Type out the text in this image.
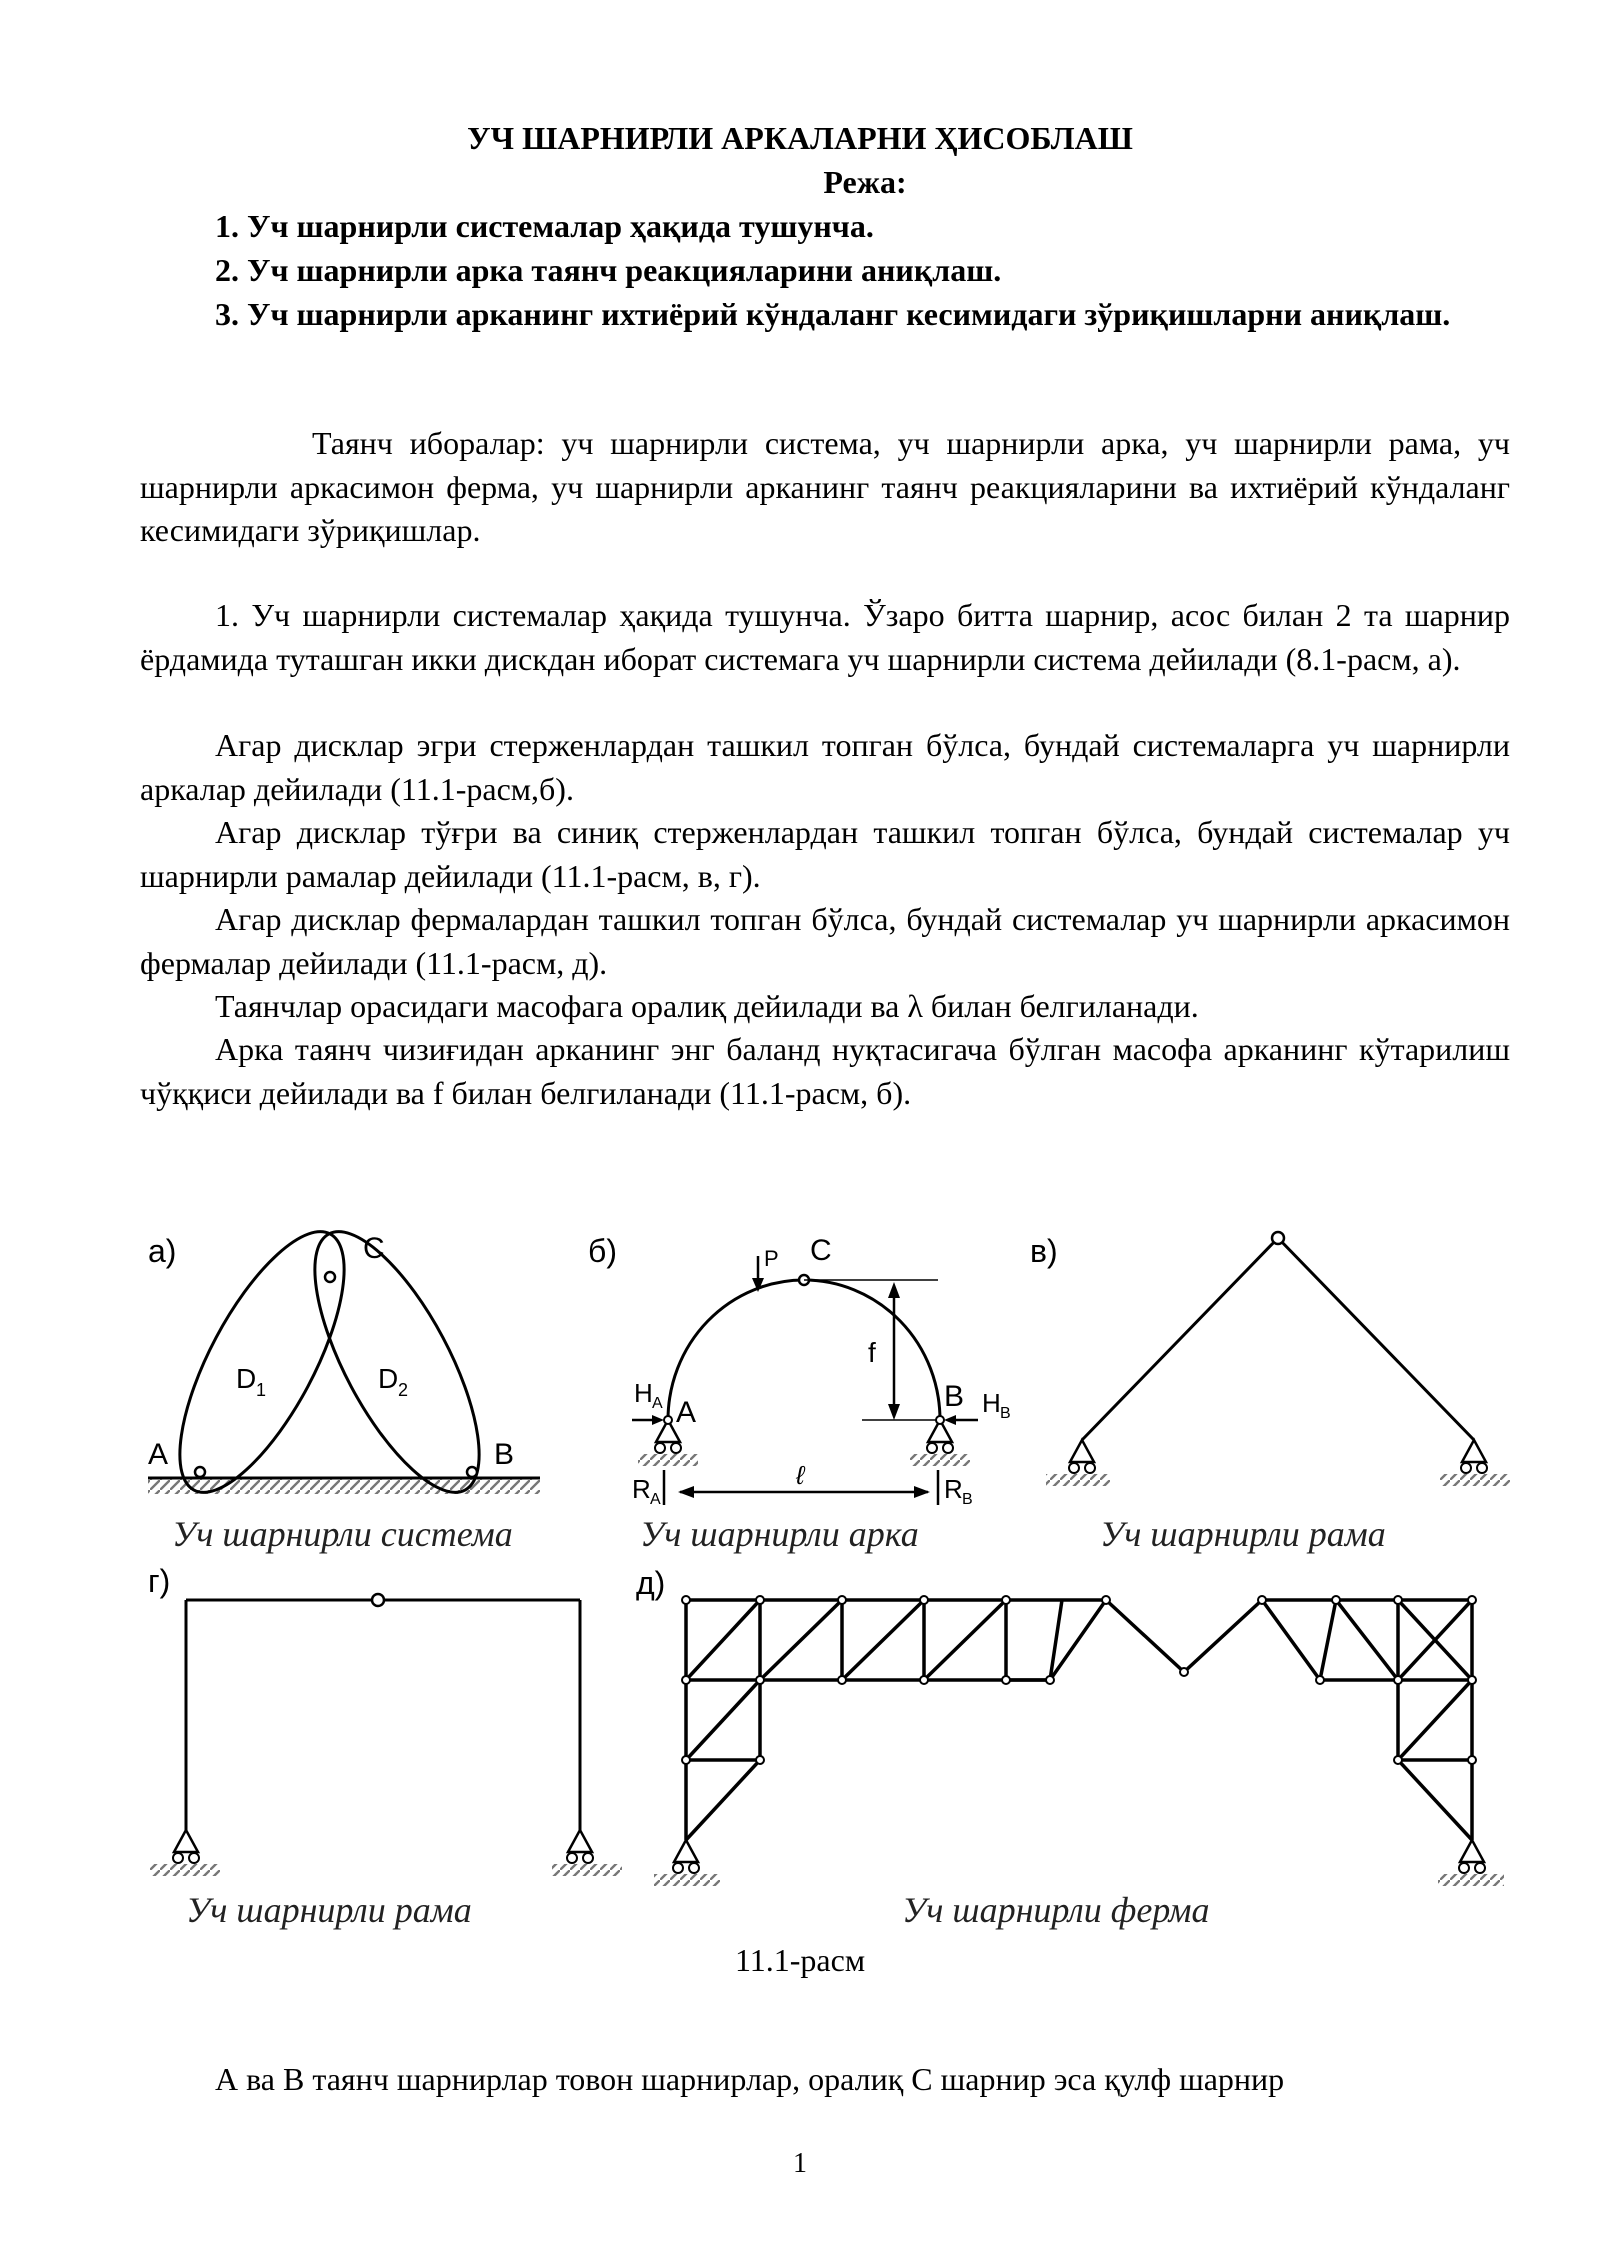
УЧ ШАРНИРЛИ АРКАЛАРНИ ҲИСОБЛАШ
Режа:

1. Уч шарнирли системалар ҳақида тушунча.

2. Уч шарнирли арка таянч реакцияларини аниқлаш.

3. Уч шарнирли арканинг ихтиёрий кўндаланг кесимидаги зўриқишларни аниқлаш.

Таянч иборалар: уч шарнирли система, уч шарнирли арка, уч шарнирли рама, уч шарнирли аркасимон ферма, уч шарнирли арканинг таянч реакцияларини ва ихтиёрий кўндаланг кесимидаги зўриқишлар.

1. Уч шарнирли системалар ҳақида тушунча. Ўзаро битта шарнир, асос билан 2 та шарнир ёрдамида туташган икки дискдан иборат системага уч шарнирли система дейилади (8.1-расм, а).

Агар дисклар эгри стерженлардан ташкил топган бўлса, бундай системаларга уч шарнирли аркалар дейилади (11.1-расм,б).

Агар дисклар тўғри ва синиқ стерженлардан ташкил топган бўлса, бундай системалар уч шарнирли рамалар дейилади (11.1-расм, в, г).

Агар дисклар фермалардан ташкил топган бўлса, бундай системалар уч шарнирли аркасимон фермалар дейилади (11.1-расм, д).

Таянчлар орасидаги масофага оралиқ дейилади ва λ билан белгиланади.

Арка таянч чизиғидан арканинг энг баланд нуқтасигача бўлган масофа арканинг кўтарилиш чўққиси дейилади ва f билан белгиланади (11.1-расм, б).

а)	C
A	B
D 1	D 2
Уч шарнирли система
б)	C
P
f
H A A	B H B
R A	R B
ℓ
Уч шарнирли арка
в)
Уч шарнирли рама
г)
Уч шарнирли рама
д)
Уч шарнирли ферма
11.1-расм

А ва В таянч шарнирлар товон шарнирлар, оралиқ С шарнир эса қулф шарнир

1
